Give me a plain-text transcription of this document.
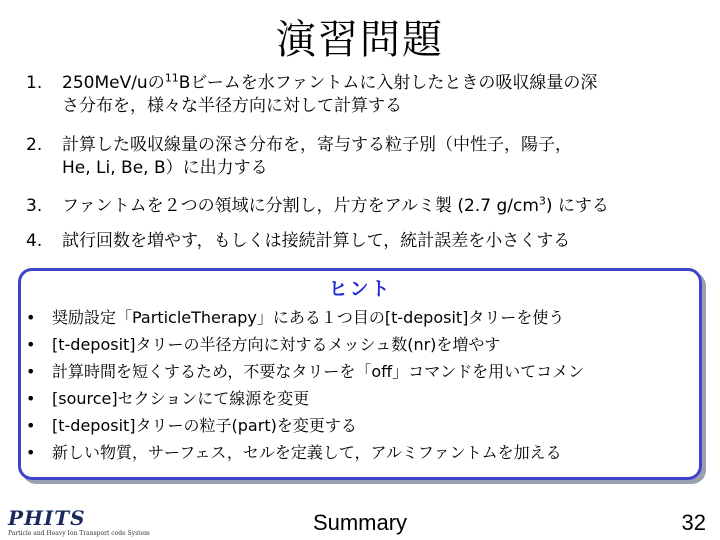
演習問題
1.	250MeV/uの$^{11}$Bビームを水ファントムに入射したときの吸収線量の深
さ分布を，様々な半径方向に対して計算する
2.	計算した吸収線量の深さ分布を，寄与する粒子別（中性子，陽子，
He, Li, Be, B）に出力する
3.	ファントムを２つの領域に分割し，片方をアルミ製 (2.7 $g/cm^3$) にする
4.	試行回数を増やす，もしくは接続計算して，統計誤差を小さくする
ヒント
• 奨励設定「ParticleTherapy」にある１つ目の[t-deposit]タリーを使う
• [t-deposit]タリーの半径方向に対するメッシュ数(nr)を増やす
• 計算時間を短くするため，不要なタリーを「off」コマンドを用いてコメン
• [source]セクションにて線源を変更
• [t-deposit]タリーの粒子(part)を変更する
• 新しい物質，サーフェス，セルを定義して，アルミファントムを加える
PHITS
Particle and Heavy Ion Transport code System	Summary	32
